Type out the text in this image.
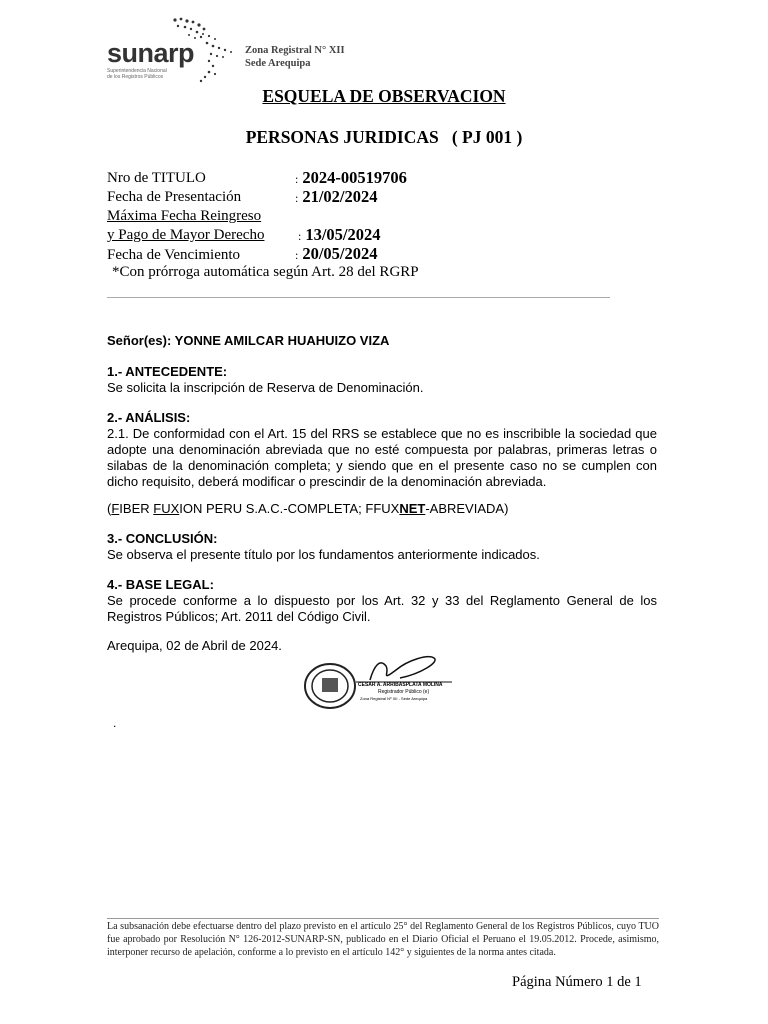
sunarp
Superintendencia Nacional
de los Registros Públicos
Zona Registral N° XII
Sede Arequipa
ESQUELA DE OBSERVACION
PERSONAS JURIDICAS   ( PJ 001 )
Nro de TITULO	: 2024-00519706
Fecha de Presentación	: 21/02/2024
Máxima Fecha Reingreso
y Pago de Mayor Derecho	: 13/05/2024
Fecha de Vencimiento	: 20/05/2024
*Con prórroga automática según Art. 28 del RGRP
Señor(es): YONNE AMILCAR HUAHUIZO VIZA
1.- ANTECEDENTE:
Se solicita la inscripción de Reserva de Denominación.
2.- ANÁLISIS:
2.1. De conformidad con el Art. 15 del RRS se establece que no es inscribible la sociedad que adopte una denominación abreviada que no esté compuesta por palabras, primeras letras o silabas de la denominación completa; y siendo que en el presente caso no se cumplen con dicho requisito, deberá modificar o prescindir de la denominación abreviada.
(FIBER FUXION PERU S.A.C.-COMPLETA; FFUXNET-ABREVIADA)
3.- CONCLUSIÓN:
Se observa el presente título por los fundamentos anteriormente indicados.
4.- BASE LEGAL:
Se procede conforme a lo dispuesto por los Art. 32 y 33 del Reglamento General de los Registros Públicos; Art. 2011 del Código Civil.
Arequipa, 02 de Abril de 2024.
CESAR A. ARRIBASPLATA MOLINA
Registrador Público (e)
Zona Registral Nº XII - Sede Arequipa
.
La subsanación debe efectuarse dentro del plazo previsto en el artículo 25° del Reglamento General de los Registros Públicos, cuyo TUO fue aprobado por Resolución N° 126-2012-SUNARP-SN, publicado en el Diario Oficial el Peruano el 19.05.2012. Procede, asimismo, interponer recurso de apelación, conforme a lo previsto en el artículo 142° y siguientes de la norma antes citada.
Página Número 1 de 1
